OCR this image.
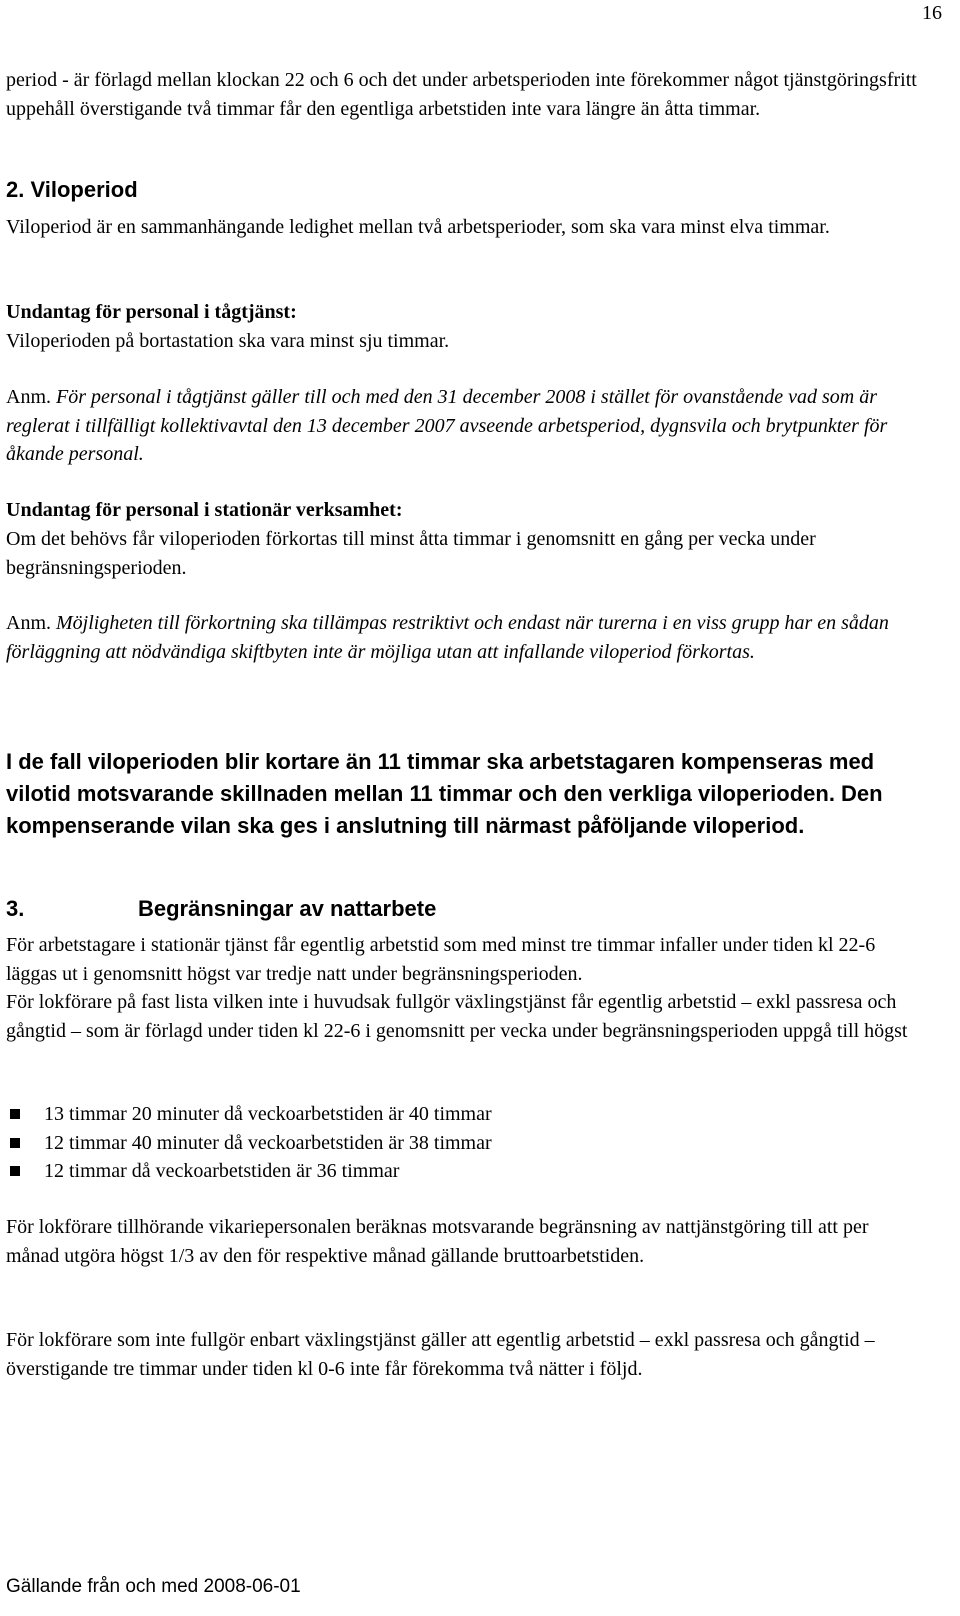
16
period - är förlagd mellan klockan 22 och 6 och det under arbetsperioden inte förekommer något tjänstgöringsfritt uppehåll överstigande två timmar får den egentliga arbetstiden inte vara längre än åtta timmar.
2. Viloperiod
Viloperiod är en sammanhängande ledighet mellan två arbetsperioder, som ska vara minst elva timmar.
Undantag för personal i tågtjänst:
Viloperioden på bortastation ska vara minst sju timmar.
Anm. För personal i tågtjänst gäller till och med den 31 december 2008 i stället för ovanstående vad som är reglerat i tillfälligt kollektivavtal den 13 december 2007 avseende arbetsperiod, dygnsvila och brytpunkter för åkande personal.
Undantag för personal i stationär verksamhet:
Om det behövs får viloperioden förkortas till minst åtta timmar i genomsnitt en gång per vecka under begränsningsperioden.
Anm. Möjligheten till förkortning ska tillämpas restriktivt och endast när turerna i en viss grupp har en sådan förläggning att nödvändiga skiftbyten inte är möjliga utan att infallande viloperiod förkortas.
I de fall viloperioden blir kortare än 11 timmar ska arbetstagaren kompenseras med vilotid motsvarande skillnaden mellan 11 timmar och den verkliga viloperioden. Den kompenserande vilan ska ges i anslutning till närmast påföljande viloperiod.
3.	Begränsningar av nattarbete
För arbetstagare i stationär tjänst får egentlig arbetstid som med minst tre timmar infaller under tiden kl 22-6 läggas ut i genomsnitt högst var tredje natt under begränsningsperioden.
För lokförare på fast lista vilken inte i huvudsak fullgör växlingstjänst får egentlig arbetstid – exkl passresa och gångtid – som är förlagd under tiden kl 22-6 i genomsnitt per vecka under begränsningsperioden uppgå till högst
13 timmar 20 minuter då veckoarbetstiden är 40 timmar
12 timmar 40 minuter då veckoarbetstiden är 38 timmar
12 timmar då veckoarbetstiden är 36 timmar
För lokförare tillhörande vikariepersonalen beräknas motsvarande begränsning av nattjänstgöring till att per månad utgöra högst 1/3 av den för respektive månad gällande bruttoarbetstiden.
För lokförare som inte fullgör enbart växlingstjänst gäller att egentlig arbetstid – exkl passresa och gångtid – överstigande tre timmar under tiden kl 0-6 inte får förekomma två nätter i följd.
Gällande från och med 2008-06-01
